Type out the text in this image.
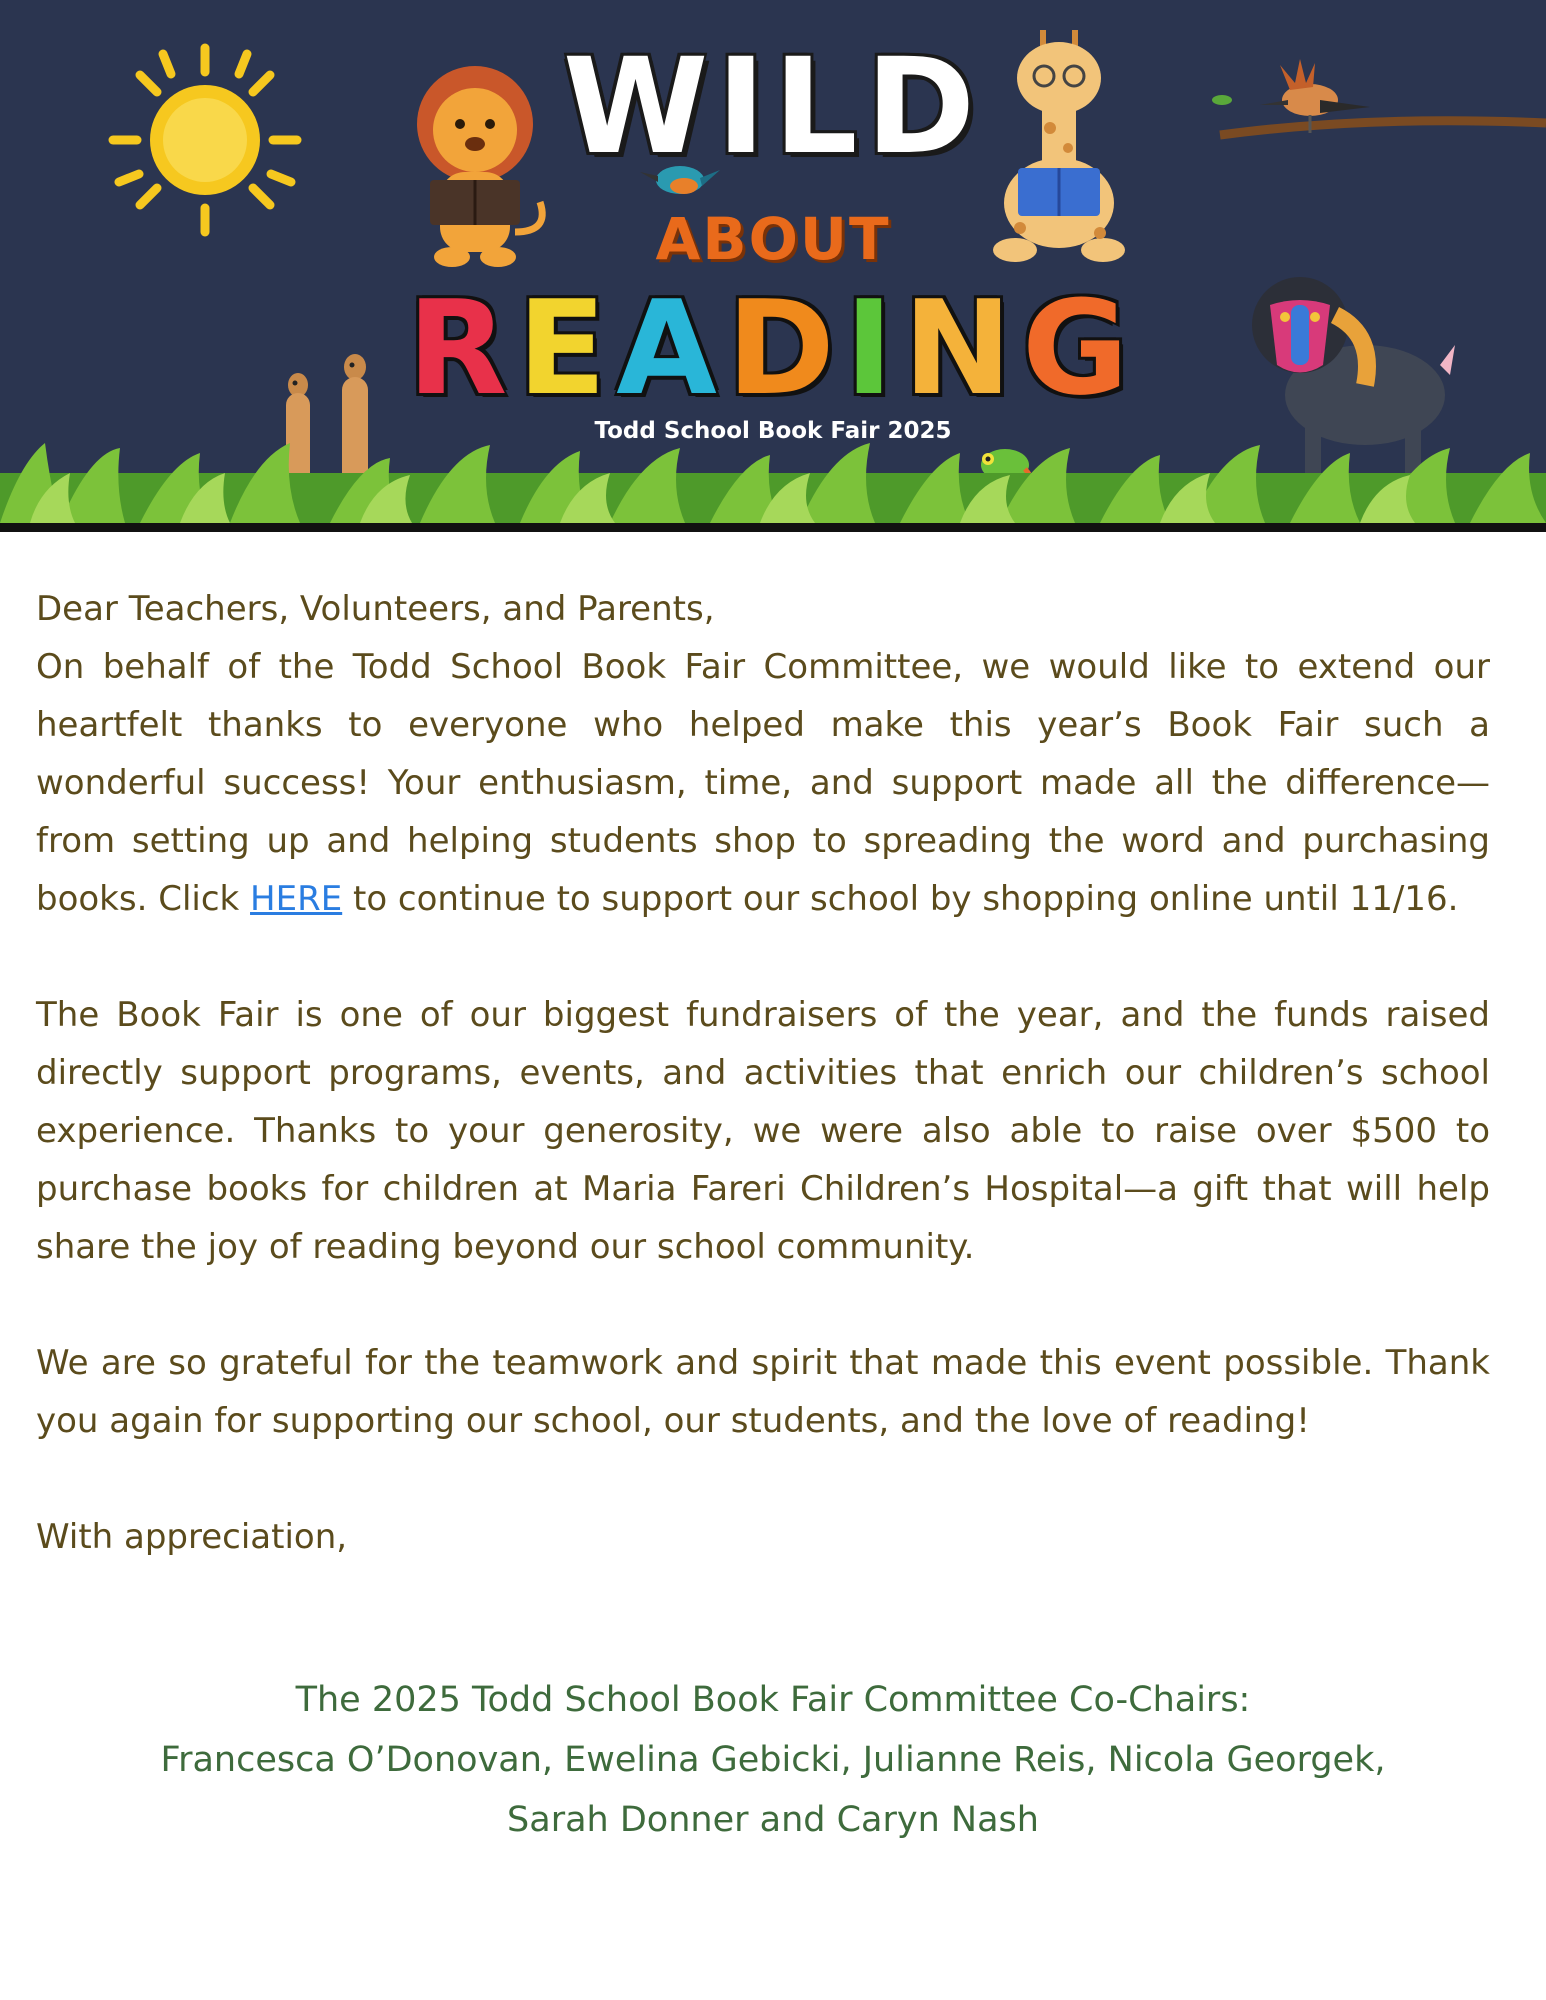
WILD
ABOUT
READING
Todd School Book Fair 2025

Dear Teachers, Volunteers, and Parents,

On behalf of the Todd School Book Fair Committee, we would like to extend our heartfelt thanks to everyone who helped make this year’s Book Fair such a wonderful success! Your enthusiasm, time, and support made all the difference—from setting up and helping students shop to spreading the word and purchasing books. Click HERE to continue to support our school by shopping online until 11/16.

The Book Fair is one of our biggest fundraisers of the year, and the funds raised directly support programs, events, and activities that enrich our children’s school experience. Thanks to your generosity, we were also able to raise over $500 to purchase books for children at Maria Fareri Children’s Hospital—a gift that will help share the joy of reading beyond our school community.

We are so grateful for the teamwork and spirit that made this event possible. Thank you again for supporting our school, our students, and the love of reading!

With appreciation,

The 2025 Todd School Book Fair Committee Co-Chairs:
Francesca O’Donovan, Ewelina Gebicki, Julianne Reis, Nicola Georgek,
Sarah Donner and Caryn Nash
